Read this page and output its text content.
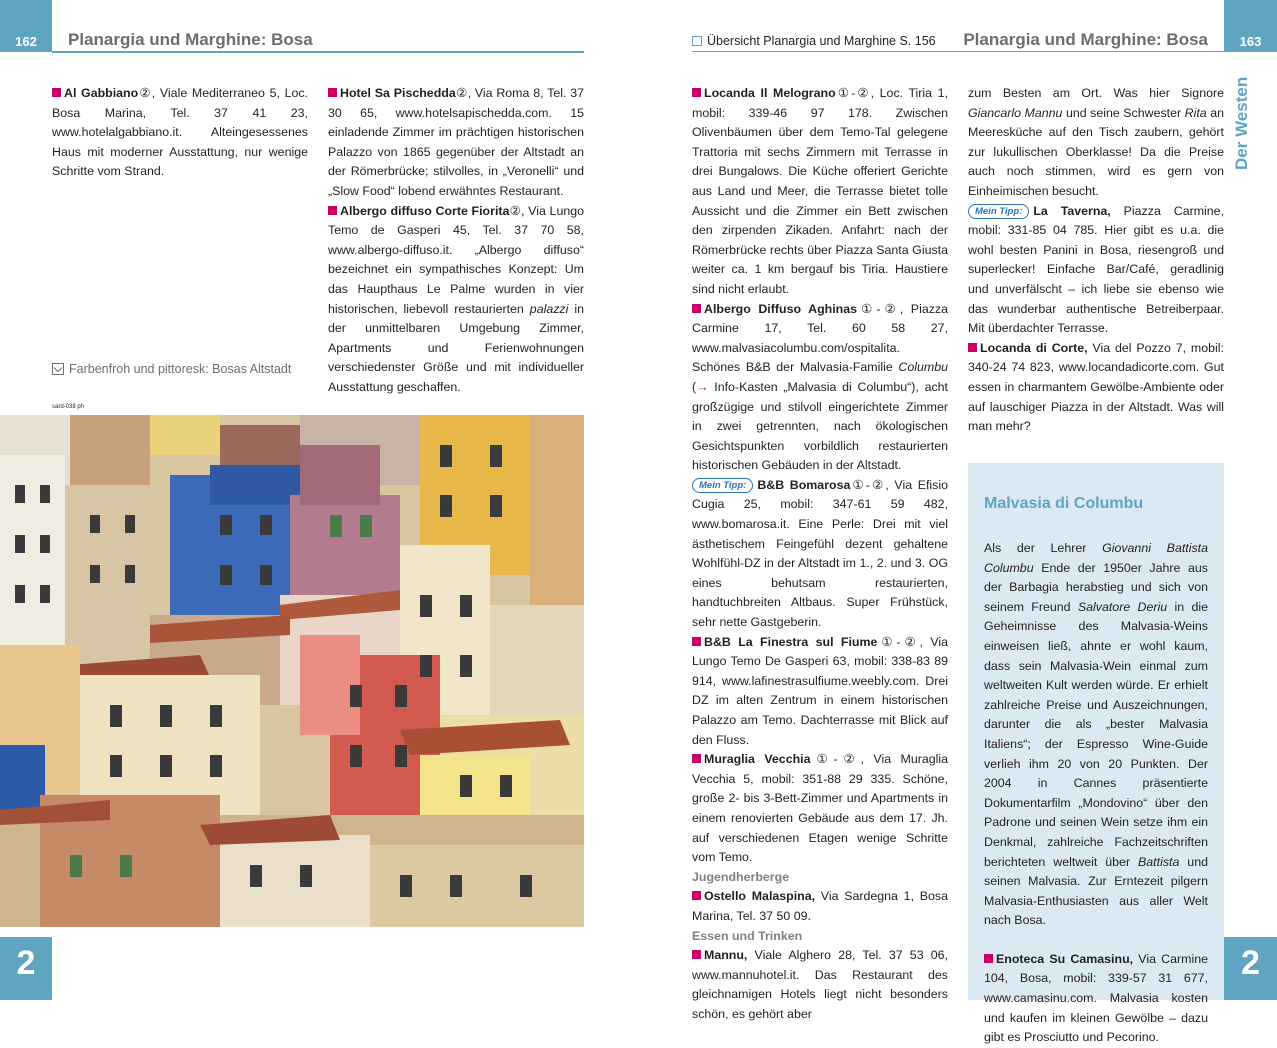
162
2
163
2
Der Westen
Planargia und Marghine: Bosa	Übersicht Planargia und Marghine S. 156 Planargia und Marghine: Bosa

Al Gabbiano②, Viale Mediterraneo 5, Loc. Bosa Marina, Tel. 37 41 23, www.hotelalgabbiano.it. Alteingesessenes Haus mit moderner Ausstattung, nur wenige Schritte vom Strand.

Hotel Sa Pischedda②, Via Roma 8, Tel. 37 30 65, www.hotelsapischedda.com. 15 einladende Zimmer im prächtigen historischen Palazzo von 1865 gegenüber der Altstadt an der Römerbrücke; stilvolles, in „Veronelli“ und „Slow Food“ lobend erwähntes Restaurant.

Albergo diffuso Corte Fiorita②, Via Lungo Temo de Gasperi 45, Tel. 37 70 58, www.albergo-diffuso.it. „Albergo diffuso“ bezeichnet ein sympathisches Konzept: Um das Haupthaus Le Palme wurden in vier historischen, liebevoll restaurierten palazzi in der unmittelbaren Umgebung Zimmer, Apartments und Ferienwohnungen verschiedenster Größe und mit individueller Ausstattung geschaffen.

Farbenfroh und pittoresk: Bosas Altstadt
sard-038 ph

Locanda Il Melograno①-②, Loc. Tiria 1, mobil: 339-46 97 178. Zwischen Olivenbäumen über dem Temo-Tal gelegene Trattoria mit sechs Zimmern mit Terrasse in drei Bungalows. Die Küche offeriert Gerichte aus Land und Meer, die Terrasse bietet tolle Aussicht und die Zimmer ein Bett zwischen den zirpenden Zikaden. Anfahrt: nach der Römerbrücke rechts über Piazza Santa Giusta weiter ca. 1 km bergauf bis Tiria. Haustiere sind nicht erlaubt.

Albergo Diffuso Aghinas①-②, Piazza Carmine 17, Tel. 60 58 27, www.malvasiacolumbu.com/ospitalita. Schönes B&B der Malvasia-Familie Columbu (→ Info-Kasten „Malvasia di Columbu“), acht großzügige und stilvoll eingerichtete Zimmer in zwei getrennten, nach ökologischen Gesichtspunkten vorbildlich restaurierten historischen Gebäuden in der Altstadt.

Mein Tipp: B&B Bomarosa①-②, Via Efisio Cugia 25, mobil: 347-61 59 482, www.bomarosa.it. Eine Perle: Drei mit viel ästhetischem Feingefühl dezent gehaltene Wohlfühl-DZ in der Altstadt im 1., 2. und 3. OG eines behutsam restaurierten, handtuchbreiten Altbaus. Super Frühstück, sehr nette Gastgeberin.

B&B La Finestra sul Fiume①-②, Via Lungo Temo De Gasperi 63, mobil: 338-83 89 914, www.lafinestrasulfiume.weebly.com. Drei DZ im alten Zentrum in einem historischen Palazzo am Temo. Dachterrasse mit Blick auf den Fluss.

Muraglia Vecchia①-②, Via Muraglia Vecchia 5, mobil: 351-88 29 335. Schöne, große 2- bis 3-Bett-Zimmer und Apartments in einem renovierten Gebäude aus dem 17. Jh. auf verschiedenen Etagen wenige Schritte vom Temo.

Jugendherberge

Ostello Malaspina, Via Sardegna 1, Bosa Marina, Tel. 37 50 09.

Essen und Trinken

Mannu, Viale Alghero 28, Tel. 37 53 06, www.mannuhotel.it. Das Restaurant des gleichnamigen Hotels liegt nicht besonders schön, es gehört aber

zum Besten am Ort. Was hier Signore Giancarlo Mannu und seine Schwester Rita an Meeresküche auf den Tisch zaubern, gehört zur lukullischen Oberklasse! Da die Preise auch noch stimmen, wird es gern von Einheimischen besucht.

Mein Tipp: La Taverna, Piazza Carmine, mobil: 331-85 04 785. Hier gibt es u.a. die wohl besten Panini in Bosa, riesengroß und superlecker! Einfache Bar/Café, geradlinig und unverfälscht – ich liebe sie ebenso wie das wunderbar authentische Betreiberpaar. Mit überdachter Terrasse.

Locanda di Corte, Via del Pozzo 7, mobil: 340-24 74 823, www.locandadicorte.com. Gut essen in charmantem Gewölbe-Ambiente oder auf lauschiger Piazza in der Altstadt. Was will man mehr?

Malvasia di Columbu

Als der Lehrer Giovanni Battista Columbu Ende der 1950er Jahre aus der Barbagia herabstieg und sich von seinem Freund Salvatore Deriu in die Geheimnisse des Malvasia-Weins einweisen ließ, ahnte er wohl kaum, dass sein Malvasia-Wein einmal zum weltweiten Kult werden würde. Er erhielt zahlreiche Preise und Auszeichnungen, darunter die als „bester Malvasia Italiens“; der Espresso Wine-Guide verlieh ihm 20 von 20 Punkten. Der 2004 in Cannes präsentierte Dokumentarfilm „Mondovino“ über den Padrone und seinen Wein setze ihm ein Denkmal, zahlreiche Fachzeitschriften berichteten weltweit über Battista und seinen Malvasia. Zur Erntezeit pilgern Malvasia-Enthusiasten aus aller Welt nach Bosa.

Enoteca Su Camasinu, Via Carmine 104, Bosa, mobil: 339-57 31 677, www.camasinu.com. Malvasia kosten und kaufen im kleinen Gewölbe – dazu gibt es Prosciutto und Pecorino.
